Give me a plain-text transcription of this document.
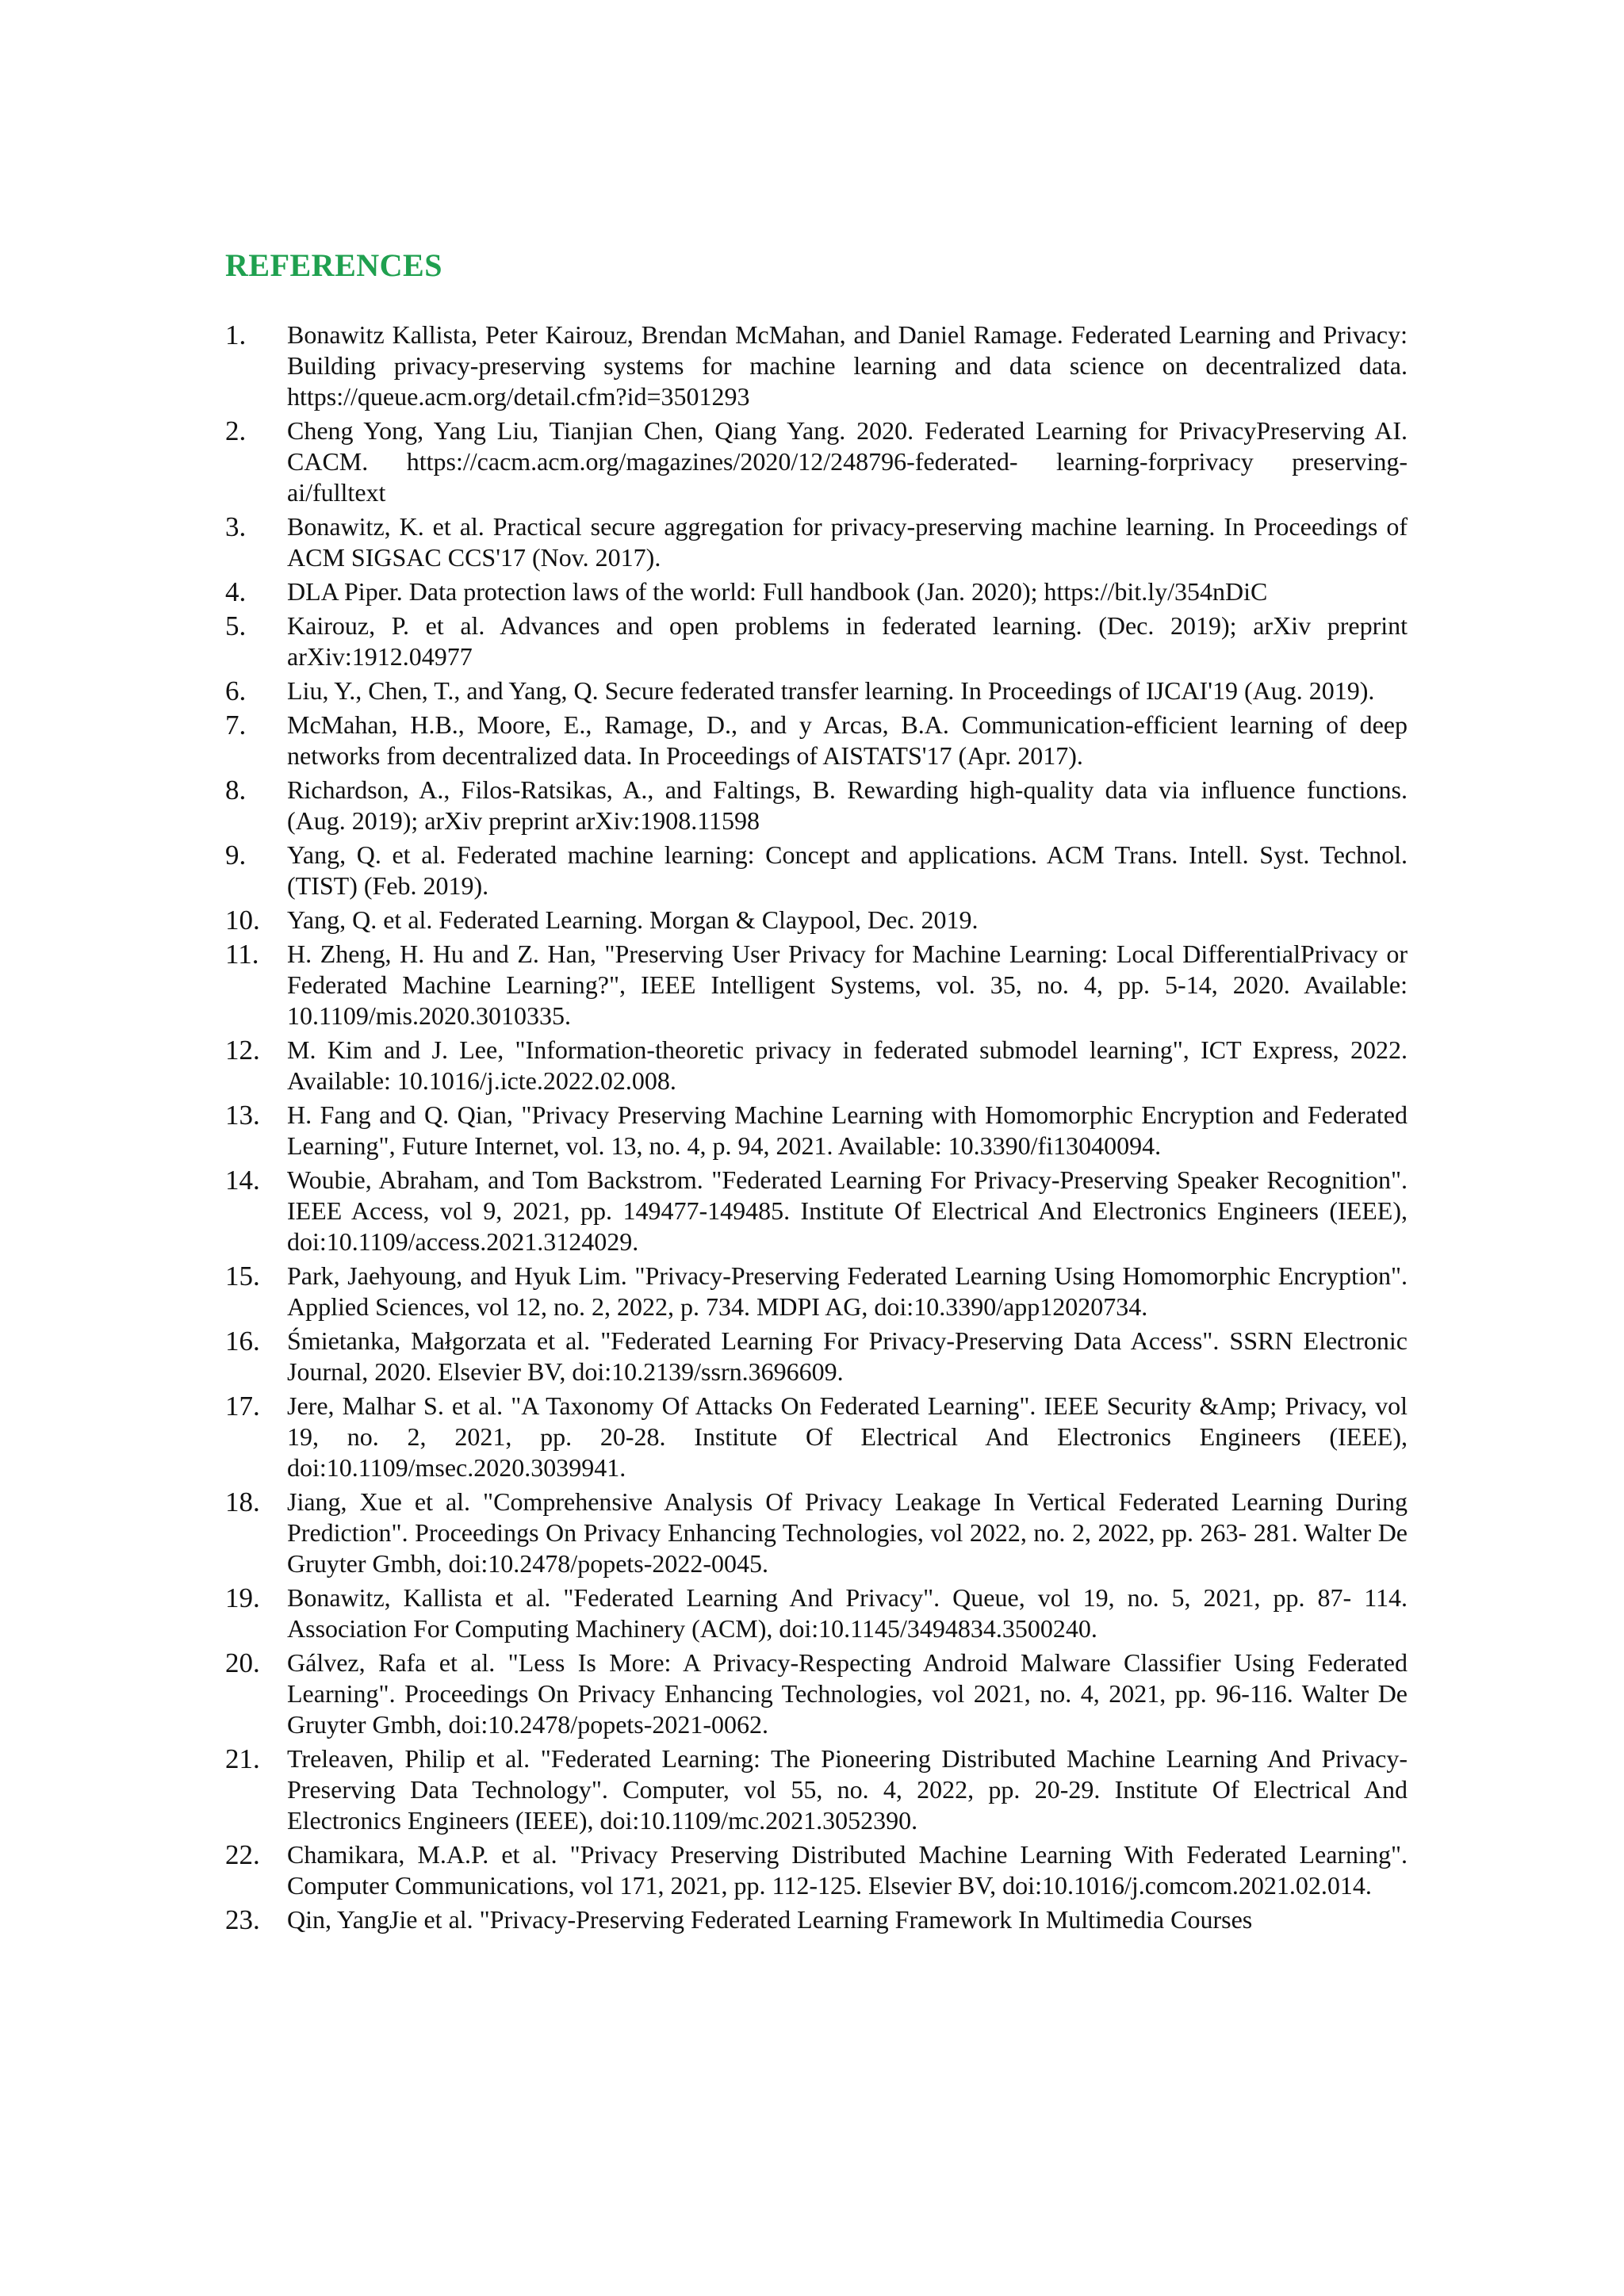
REFERENCES
1. Bonawitz Kallista, Peter Kairouz, Brendan McMahan, and Daniel Ramage. Federated Learning and Privacy: Building privacy-preserving systems for machine learning and data science on decentralized data. https://queue.acm.org/detail.cfm?id=3501293
2. Cheng Yong, Yang Liu, Tianjian Chen, Qiang Yang. 2020. Federated Learning for PrivacyPreserving AI. CACM. https://cacm.acm.org/magazines/2020/12/248796-federated- learning-forprivacy preserving-ai/fulltext
3. Bonawitz, K. et al. Practical secure aggregation for privacy-preserving machine learning. In Proceedings of ACM SIGSAC CCS'17 (Nov. 2017).
4. DLA Piper. Data protection laws of the world: Full handbook (Jan. 2020); https://bit.ly/354nDiC
5. Kairouz, P. et al. Advances and open problems in federated learning. (Dec. 2019); arXiv preprint arXiv:1912.04977
6. Liu, Y., Chen, T., and Yang, Q. Secure federated transfer learning. In Proceedings of IJCAI'19 (Aug. 2019).
7. McMahan, H.B., Moore, E., Ramage, D., and y Arcas, B.A. Communication-efficient learning of deep networks from decentralized data. In Proceedings of AISTATS'17 (Apr. 2017).
8. Richardson, A., Filos-Ratsikas, A., and Faltings, B. Rewarding high-quality data via influence functions. (Aug. 2019); arXiv preprint arXiv:1908.11598
9. Yang, Q. et al. Federated machine learning: Concept and applications. ACM Trans. Intell. Syst. Technol. (TIST) (Feb. 2019).
10. Yang, Q. et al. Federated Learning. Morgan & Claypool, Dec. 2019.
11. H. Zheng, H. Hu and Z. Han, "Preserving User Privacy for Machine Learning: Local DifferentialPrivacy or Federated Machine Learning?", IEEE Intelligent Systems, vol. 35, no. 4, pp. 5-14, 2020. Available: 10.1109/mis.2020.3010335.
12. M. Kim and J. Lee, "Information-theoretic privacy in federated submodel learning", ICT Express, 2022. Available: 10.1016/j.icte.2022.02.008.
13. H. Fang and Q. Qian, "Privacy Preserving Machine Learning with Homomorphic Encryption and Federated Learning", Future Internet, vol. 13, no. 4, p. 94, 2021. Available: 10.3390/fi13040094.
14. Woubie, Abraham, and Tom Backstrom. "Federated Learning For Privacy-Preserving Speaker Recognition". IEEE Access, vol 9, 2021, pp. 149477-149485. Institute Of Electrical And Electronics Engineers (IEEE), doi:10.1109/access.2021.3124029.
15. Park, Jaehyoung, and Hyuk Lim. "Privacy-Preserving Federated Learning Using Homomorphic Encryption". Applied Sciences, vol 12, no. 2, 2022, p. 734. MDPI AG, doi:10.3390/app12020734.
16. Śmietanka, Małgorzata et al. "Federated Learning For Privacy-Preserving Data Access". SSRN Electronic Journal, 2020. Elsevier BV, doi:10.2139/ssrn.3696609.
17. Jere, Malhar S. et al. "A Taxonomy Of Attacks On Federated Learning". IEEE Security &Amp; Privacy, vol 19, no. 2, 2021, pp. 20-28. Institute Of Electrical And Electronics Engineers (IEEE), doi:10.1109/msec.2020.3039941.
18. Jiang, Xue et al. "Comprehensive Analysis Of Privacy Leakage In Vertical Federated Learning During Prediction". Proceedings On Privacy Enhancing Technologies, vol 2022, no. 2, 2022, pp. 263- 281. Walter De Gruyter Gmbh, doi:10.2478/popets-2022-0045.
19. Bonawitz, Kallista et al. "Federated Learning And Privacy". Queue, vol 19, no. 5, 2021, pp. 87- 114. Association For Computing Machinery (ACM), doi:10.1145/3494834.3500240.
20. Gálvez, Rafa et al. "Less Is More: A Privacy-Respecting Android Malware Classifier Using Federated Learning". Proceedings On Privacy Enhancing Technologies, vol 2021, no. 4, 2021, pp. 96-116. Walter De Gruyter Gmbh, doi:10.2478/popets-2021-0062.
21. Treleaven, Philip et al. "Federated Learning: The Pioneering Distributed Machine Learning And Privacy-Preserving Data Technology". Computer, vol 55, no. 4, 2022, pp. 20-29. Institute Of Electrical And Electronics Engineers (IEEE), doi:10.1109/mc.2021.3052390.
22. Chamikara, M.A.P. et al. "Privacy Preserving Distributed Machine Learning With Federated Learning". Computer Communications, vol 171, 2021, pp. 112-125. Elsevier BV, doi:10.1016/j.comcom.2021.02.014.
23. Qin, YangJie et al. "Privacy-Preserving Federated Learning Framework In Multimedia Courses
